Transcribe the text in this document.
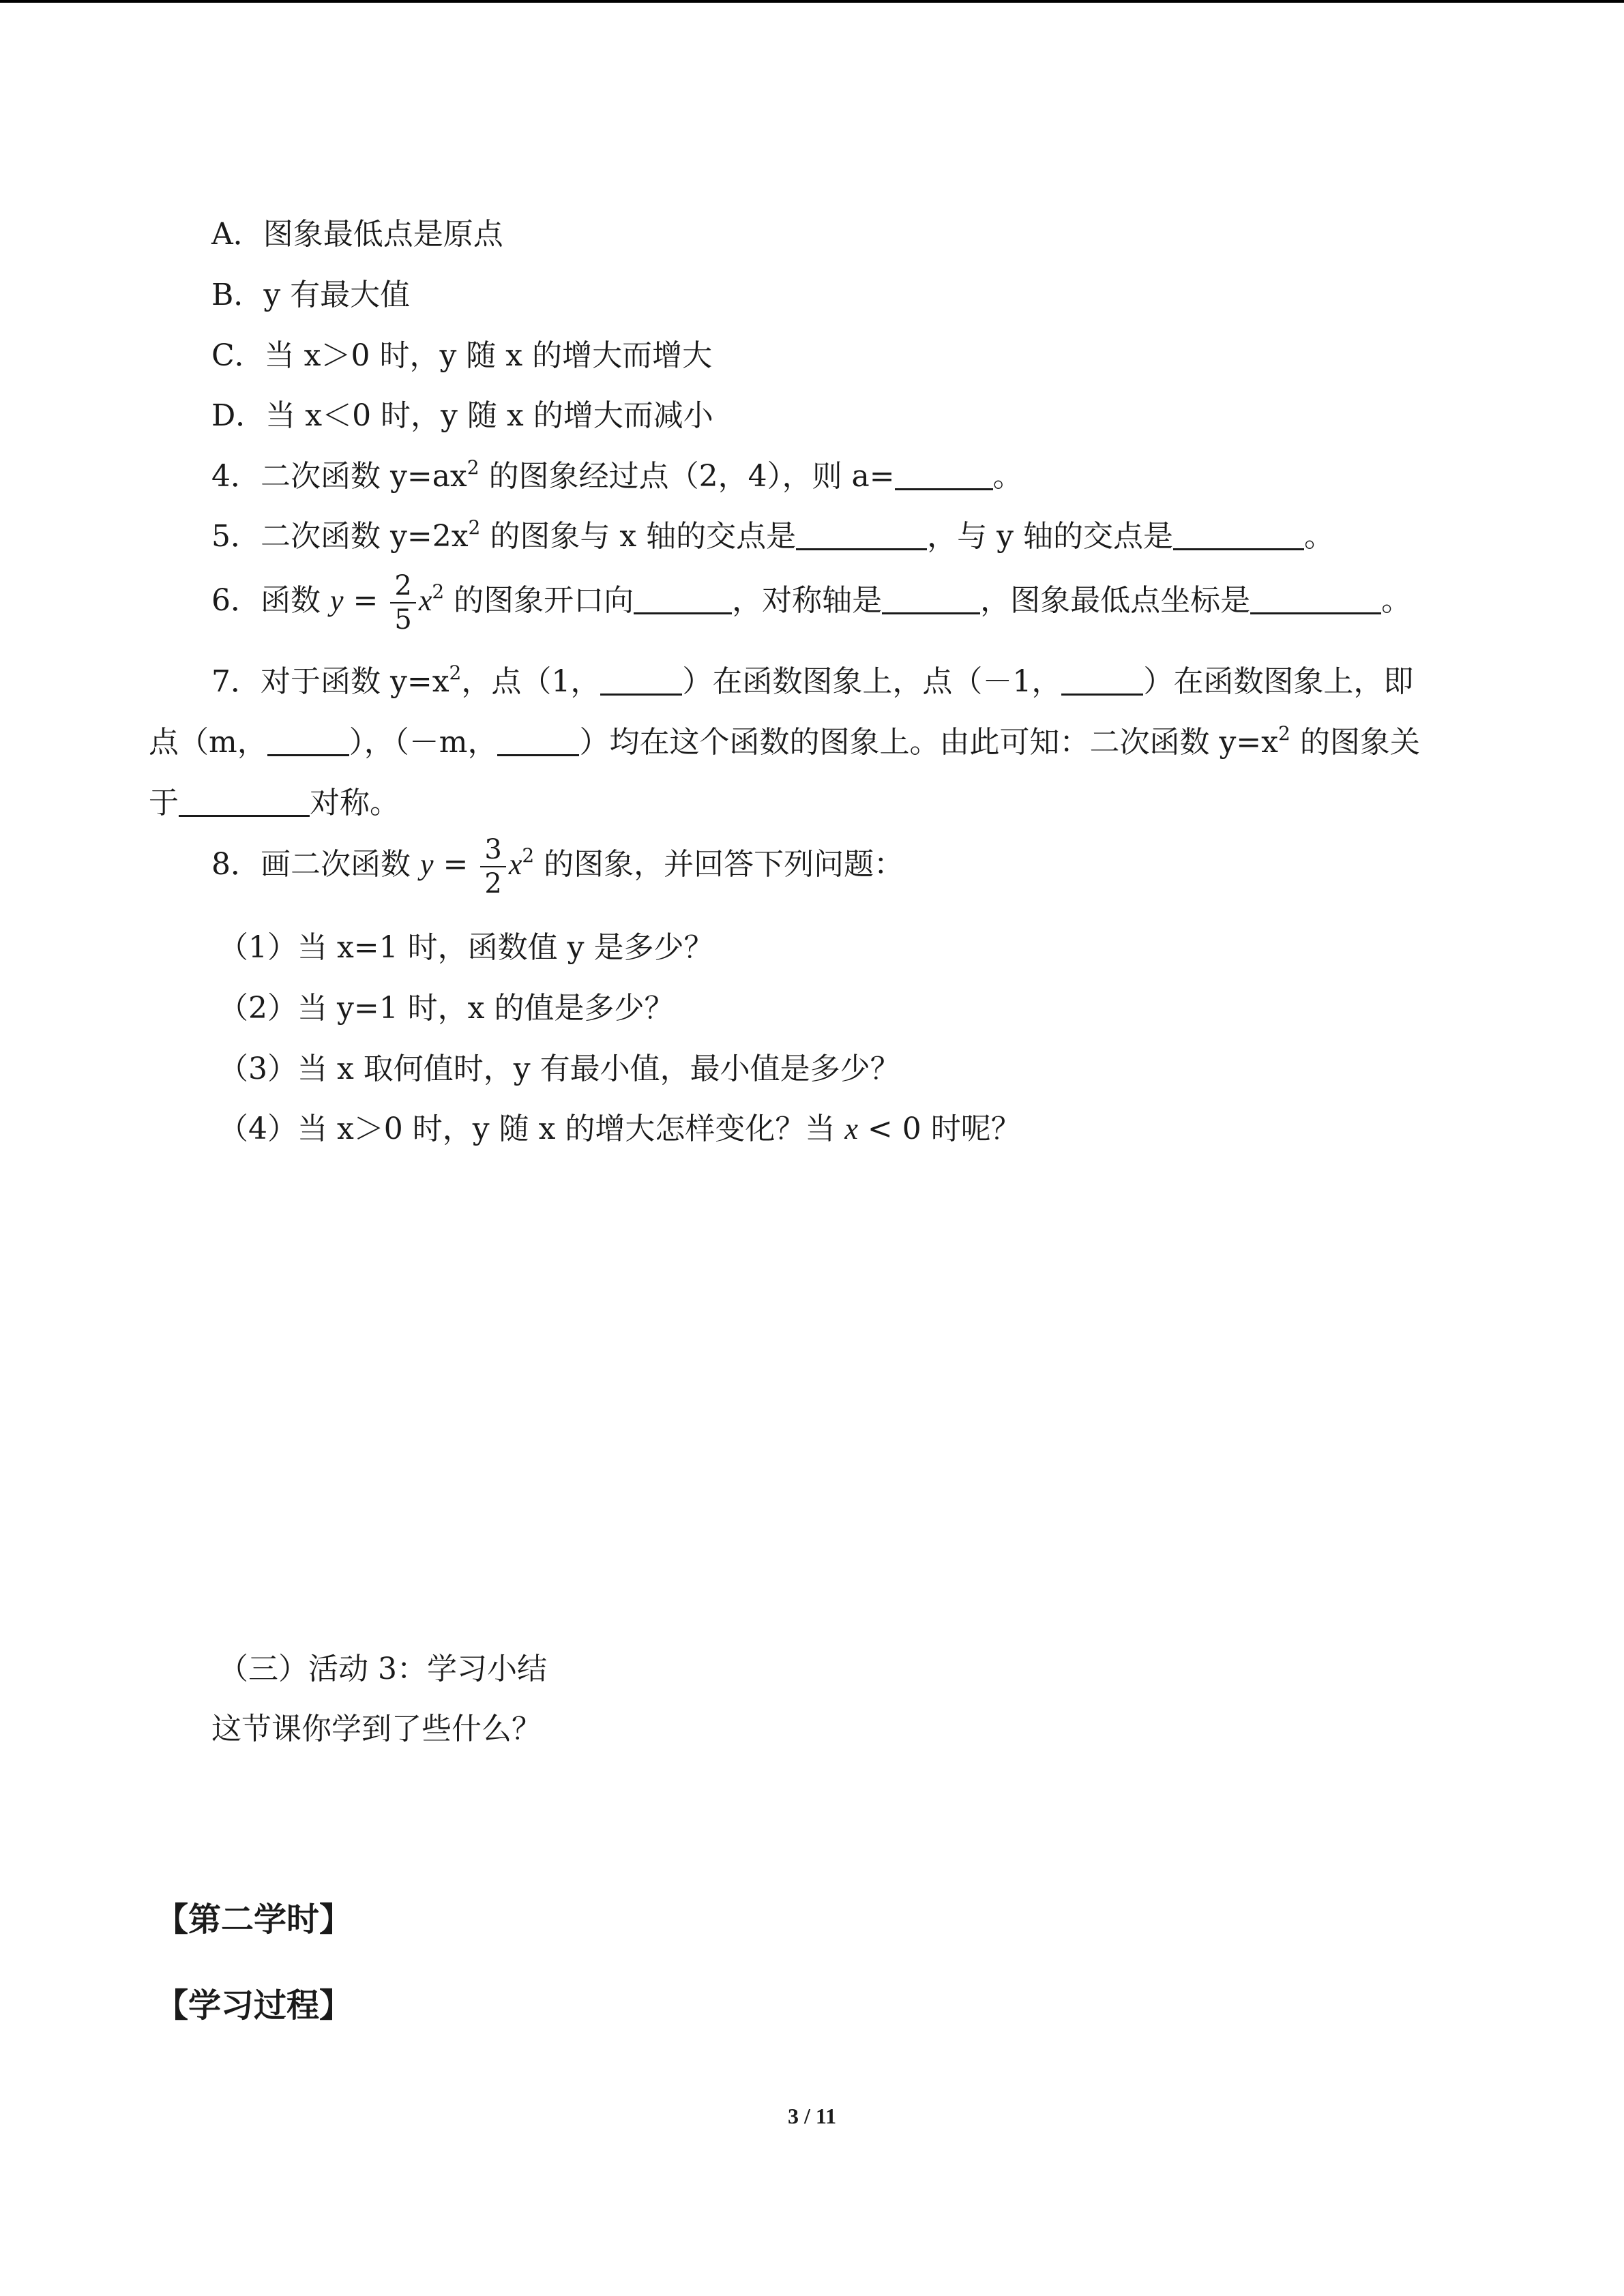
A．图象最低点是原点
B．y 有最大值
C．当 x＞0 时，y 随 x 的增大而增大
D．当 x＜0 时，y 随 x 的增大而减小
4．二次函数 $y=ax^2$ 的图象经过点（2，4），则 a=	。
5．二次函数 $y=2x^2$ 的图象与 x 轴的交点是	，与 y 轴的交点是	。
6．函数 $y = \frac{2}{5} x^2$ 的图象开口向	，对称轴是	，图象最低点坐标是	。
7．对于函数 $y=x^2$，点（1，	）在函数图象上，点（－1，	）在函数图象上，即
点（m，	），（－m，	）均在这个函数的图象上。由此可知：二次函数 $y=x^2$ 的图象关
于	对称。
8．画二次函数 $y = \frac{3}{2} x^2$ 的图象，并回答下列问题：
（1）当 x=1 时，函数值 y 是多少？
（2）当 y=1 时，x 的值是多少？
（3）当 x 取何值时，y 有最小值，最小值是多少？
（4）当 x＞0 时，y 随 x 的增大怎样变化？当 x < 0 时呢？
（三）活动 3：学习小结
这节课你学到了些什么？
【第二学时】
【学习过程】
3 / 11
